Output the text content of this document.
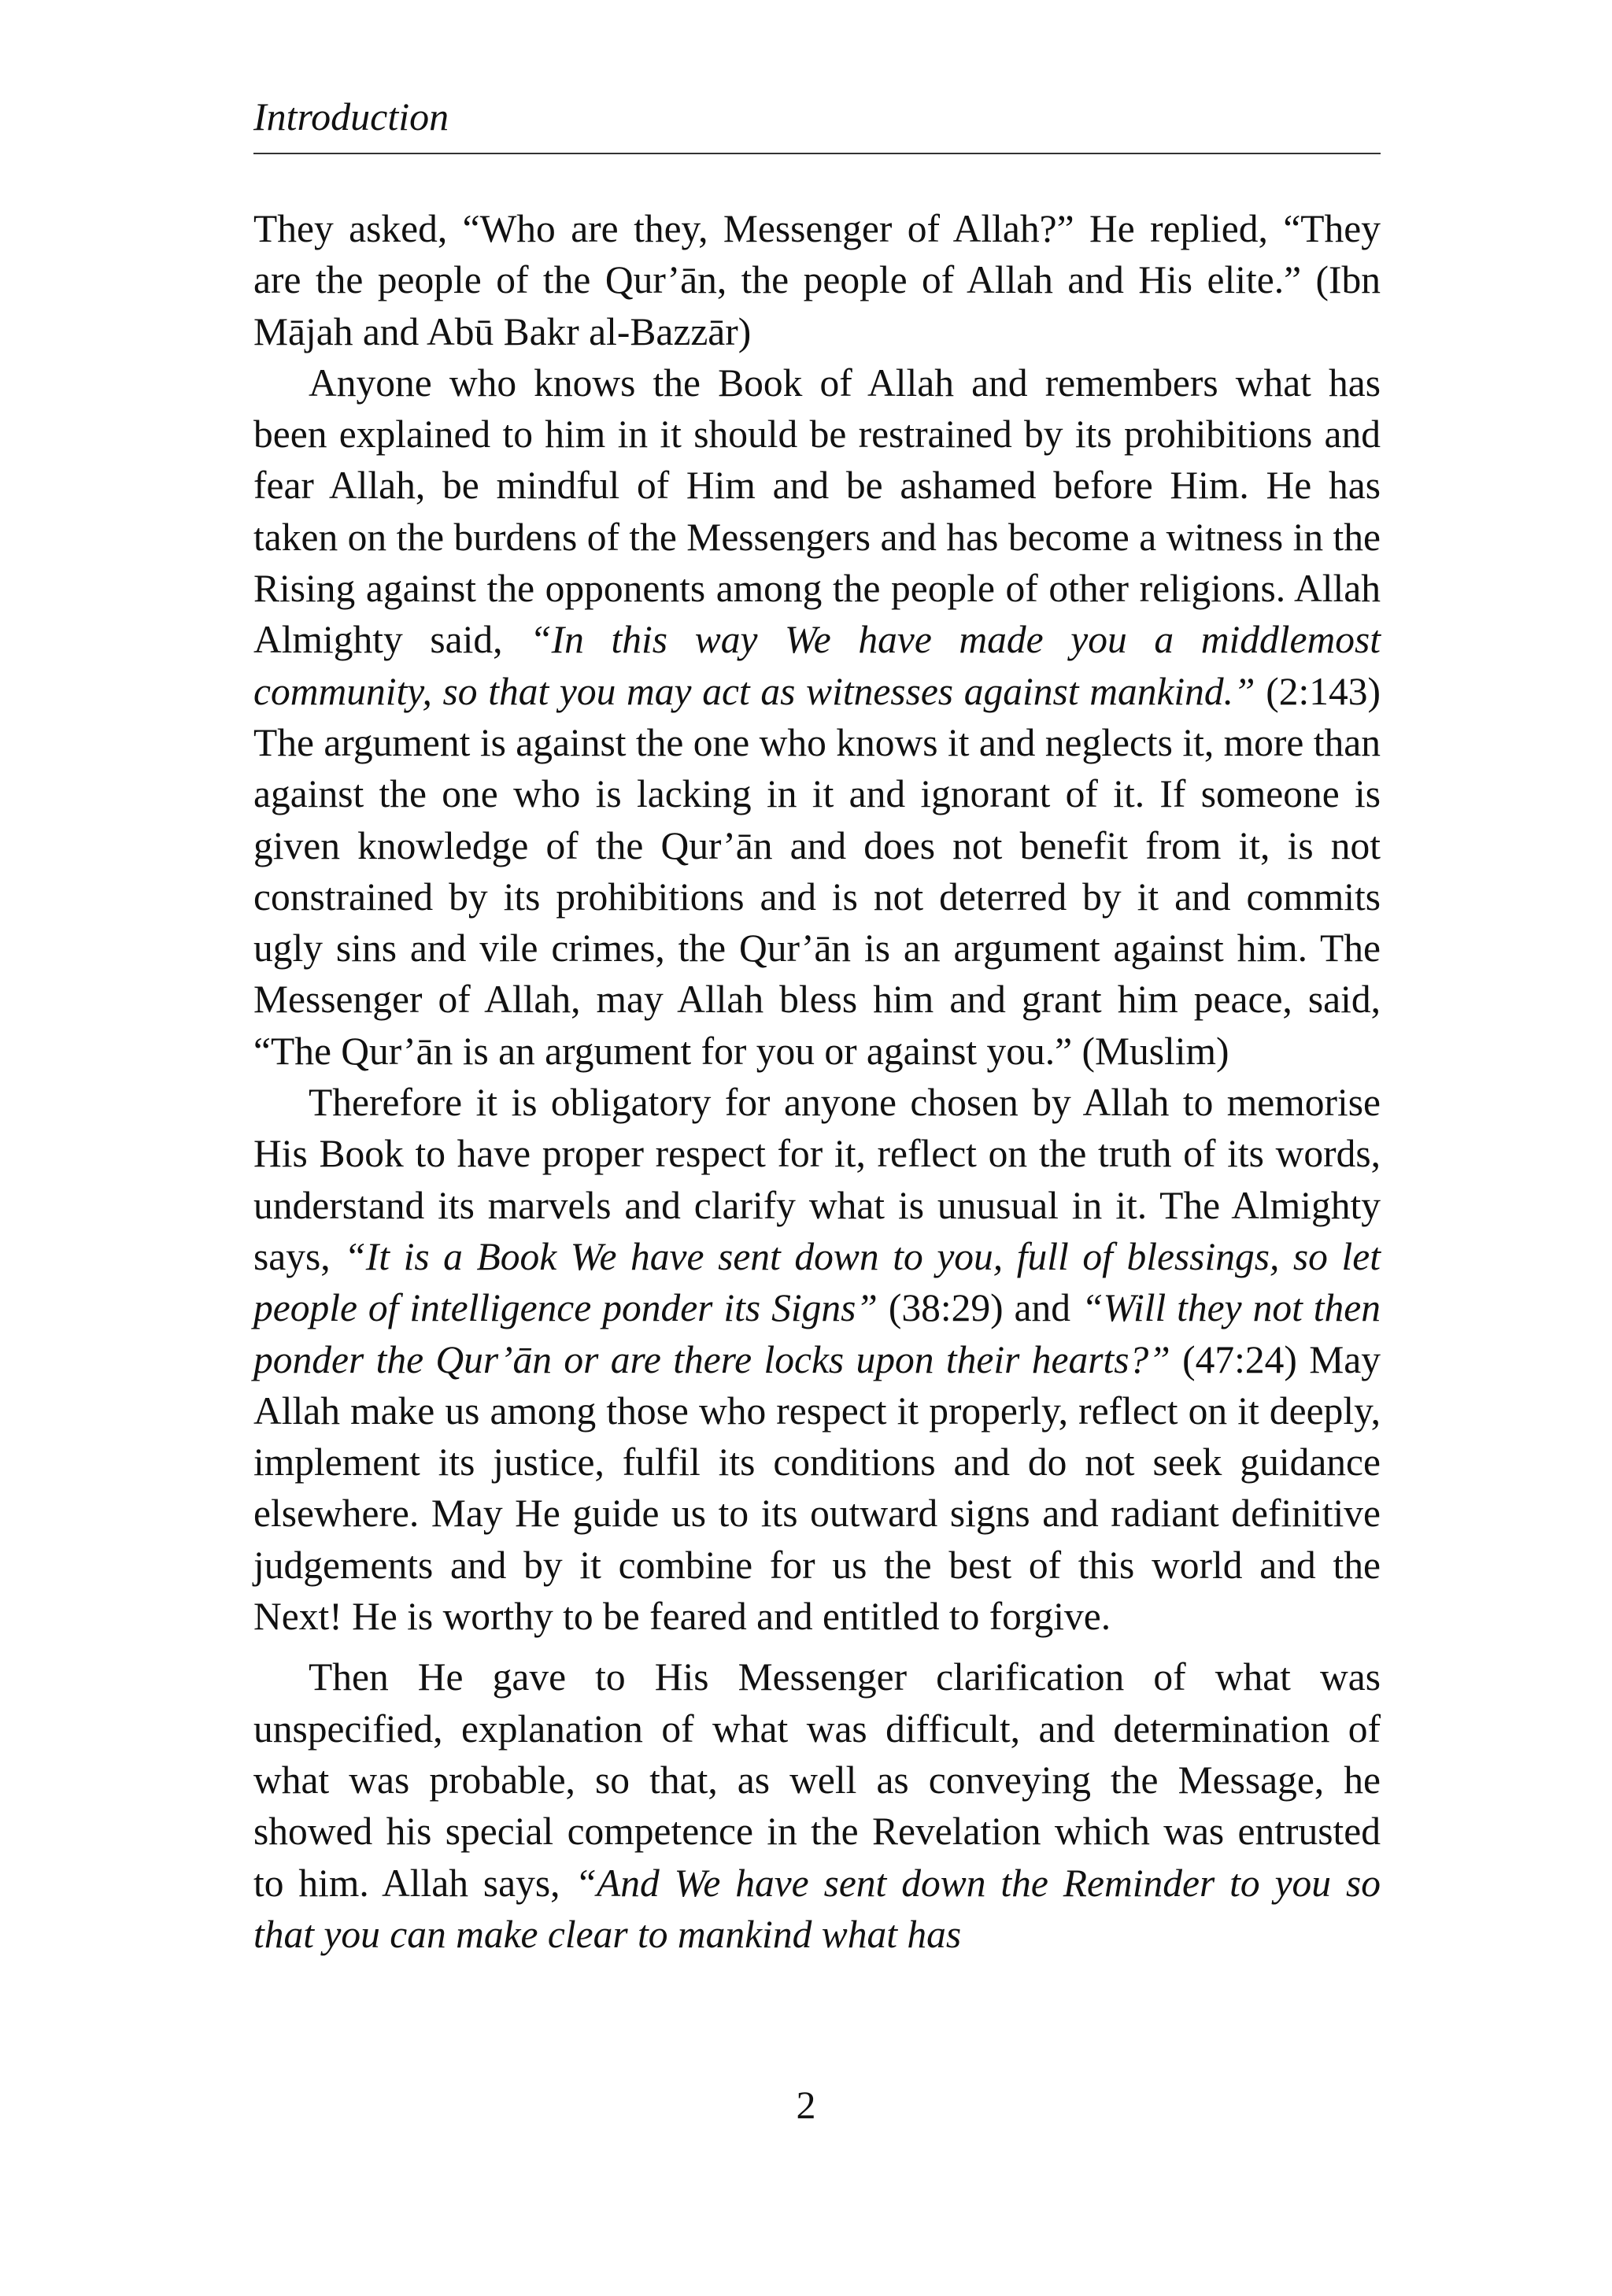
Introduction

They asked, “Who are they, Messenger of Allah?” He replied, “They are the people of the Qur’ān, the people of Allah and His elite.” (Ibn Mājah and Abū Bakr al-Bazzār)

Anyone who knows the Book of Allah and remembers what has been explained to him in it should be restrained by its prohibitions and fear Allah, be mindful of Him and be ashamed before Him. He has taken on the burdens of the Messengers and has become a witness in the Rising against the opponents among the people of other religions. Allah Almighty said, “In this way We have made you a middlemost community, so that you may act as witnesses against mankind.” (2:143) The argument is against the one who knows it and neglects it, more than against the one who is lacking in it and ignorant of it. If someone is given knowledge of the Qur’ān and does not benefit from it, is not constrained by its prohibitions and is not deterred by it and commits ugly sins and vile crimes, the Qur’ān is an argument against him. The Messenger of Allah, may Allah bless him and grant him peace, said, “The Qur’ān is an argument for you or against you.” (Muslim)

Therefore it is obligatory for anyone chosen by Allah to memorise His Book to have proper respect for it, reflect on the truth of its words, understand its marvels and clarify what is unusual in it. The Almighty says, “It is a Book We have sent down to you, full of blessings, so let people of intelligence ponder its Signs” (38:29) and “Will they not then ponder the Qur’ān or are there locks upon their hearts?” (47:24) May Allah make us among those who respect it properly, reflect on it deeply, implement its justice, fulfil its conditions and do not seek guidance elsewhere. May He guide us to its outward signs and radiant definitive judgements and by it combine for us the best of this world and the Next! He is worthy to be feared and entitled to forgive.

Then He gave to His Messenger clarification of what was unspecified, explanation of what was difficult, and determination of what was probable, so that, as well as conveying the Message, he showed his special competence in the Revelation which was entrusted to him. Allah says, “And We have sent down the Reminder to you so that you can make clear to mankind what has

2
